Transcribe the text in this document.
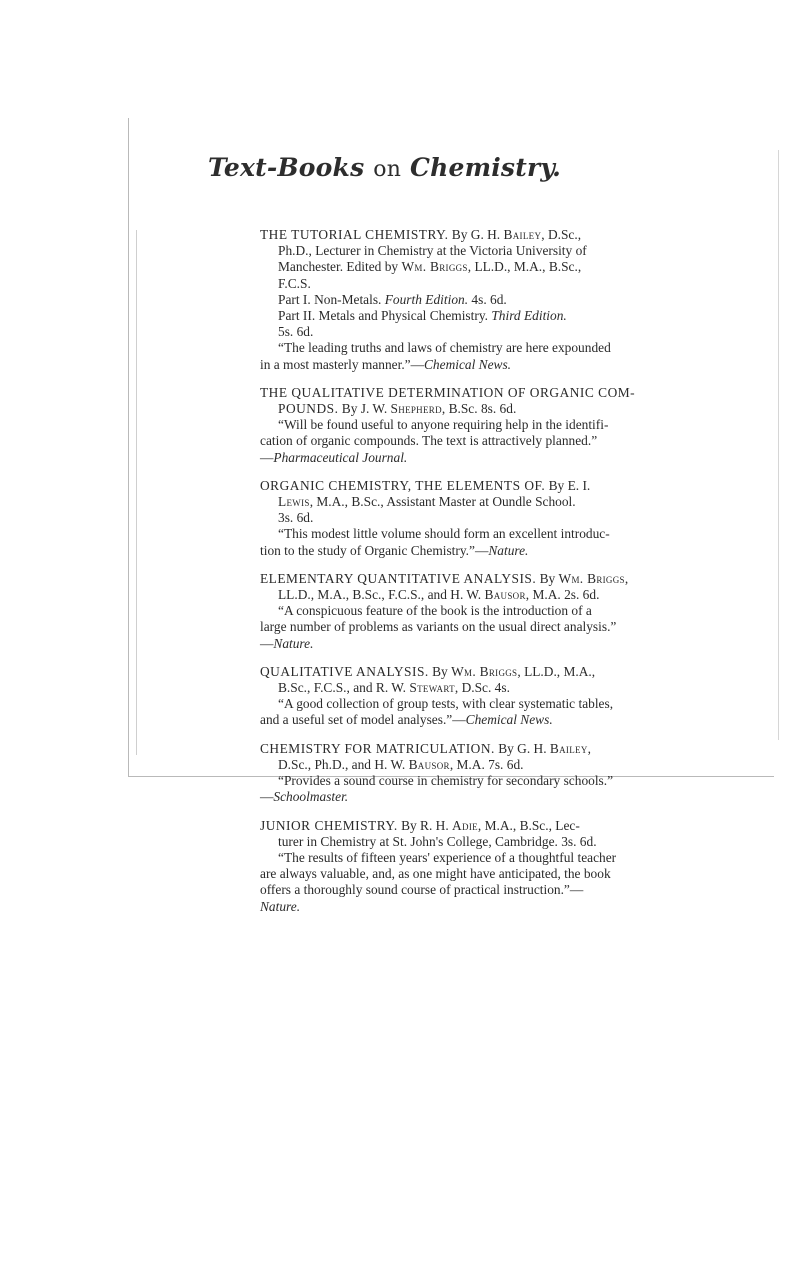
Text-Books on Chemistry.
THE TUTORIAL CHEMISTRY. By G. H. Bailey, D.Sc.,
Ph.D., Lecturer in Chemistry at the Victoria University of
Manchester. Edited by Wm. Briggs, LL.D., M.A., B.Sc.,
F.C.S.
Part I. Non-Metals. Fourth Edition. 4s. 6d.
Part II. Metals and Physical Chemistry. Third Edition.
5s. 6d.
“The leading truths and laws of chemistry are here expounded
in a most masterly manner.”—Chemical News.
THE QUALITATIVE DETERMINATION OF ORGANIC COM-
POUNDS. By J. W. Shepherd, B.Sc. 8s. 6d.
“Will be found useful to anyone requiring help in the identifi-
cation of organic compounds. The text is attractively planned.”
—Pharmaceutical Journal.
ORGANIC CHEMISTRY, THE ELEMENTS OF. By E. I.
Lewis, M.A., B.Sc., Assistant Master at Oundle School.
3s. 6d.
“This modest little volume should form an excellent introduc-
tion to the study of Organic Chemistry.”—Nature.
ELEMENTARY QUANTITATIVE ANALYSIS. By Wm. Briggs,
LL.D., M.A., B.Sc., F.C.S., and H. W. Bausor, M.A. 2s. 6d.
“A conspicuous feature of the book is the introduction of a
large number of problems as variants on the usual direct analysis.”
—Nature.
QUALITATIVE ANALYSIS. By Wm. Briggs, LL.D., M.A.,
B.Sc., F.C.S., and R. W. Stewart, D.Sc. 4s.
“A good collection of group tests, with clear systematic tables,
and a useful set of model analyses.”—Chemical News.
CHEMISTRY FOR MATRICULATION. By G. H. Bailey,
D.Sc., Ph.D., and H. W. Bausor, M.A. 7s. 6d.
“Provides a sound course in chemistry for secondary schools.”
—Schoolmaster.
JUNIOR CHEMISTRY. By R. H. Adie, M.A., B.Sc., Lec-
turer in Chemistry at St. John's College, Cambridge. 3s. 6d.
“The results of fifteen years' experience of a thoughtful teacher
are always valuable, and, as one might have anticipated, the book
offers a thoroughly sound course of practical instruction.”—
Nature.
